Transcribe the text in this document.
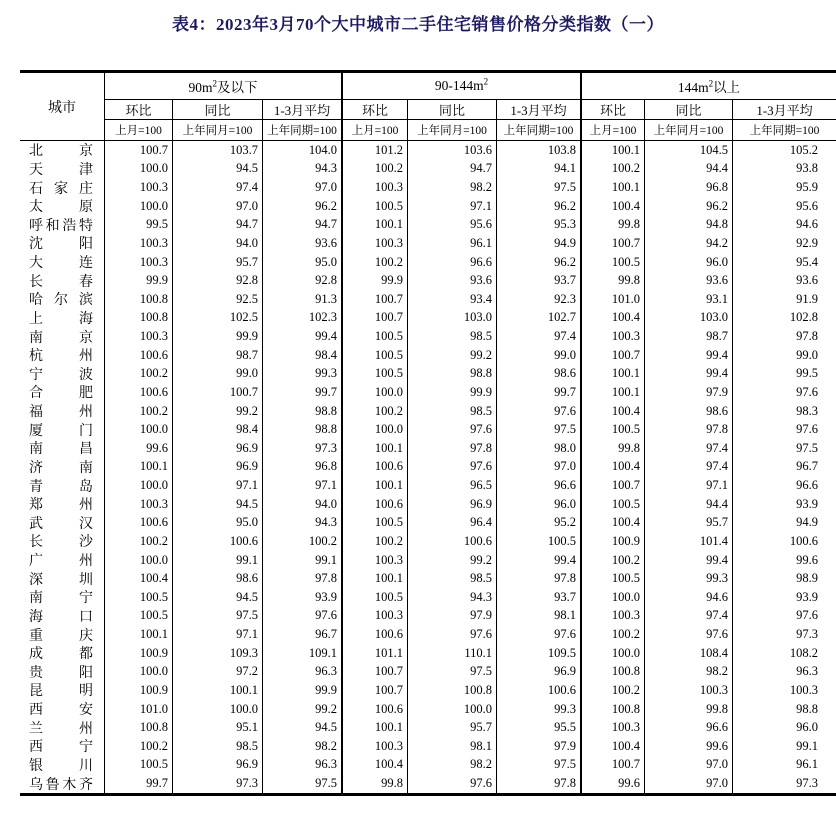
表4：2023年3月70个大中城市二手住宅销售价格分类指数（一）
城市
$90m^2$及以下	$90-144m^2$	$144m^2$以上
环比	同比	1-3月平均	环比	同比	1-3月平均	环比	同比	1-3月平均
上月=100	上年同月=100	上年同期=100	上月=100	上年同月=100	上年同期=100	上月=100	上年同月=100	上年同期=100
北	京	100.7	103.7	104.0	101.2	103.6	103.8	100.1	104.5	105.2
天	津	100.0	94.5	94.3	100.2	94.7	94.1	100.2	94.4	93.8
石 家 庄	100.3	97.4	97.0	100.3	98.2	97.5	100.1	96.8	95.9
太	原	100.0	97.0	96.2	100.5	97.1	96.2	100.4	96.2	95.6
呼 和 浩 特	99.5	94.7	94.7	100.1	95.6	95.3	99.8	94.8	94.6
沈	阳	100.3	94.0	93.6	100.3	96.1	94.9	100.7	94.2	92.9
大	连	100.3	95.7	95.0	100.2	96.6	96.2	100.5	96.0	95.4
长	春	99.9	92.8	92.8	99.9	93.6	93.7	99.8	93.6	93.6
哈 尔 滨	100.8	92.5	91.3	100.7	93.4	92.3	101.0	93.1	91.9
上	海	100.8	102.5	102.3	100.7	103.0	102.7	100.4	103.0	102.8
南	京	100.3	99.9	99.4	100.5	98.5	97.4	100.3	98.7	97.8
杭	州	100.6	98.7	98.4	100.5	99.2	99.0	100.7	99.4	99.0
宁	波	100.2	99.0	99.3	100.5	98.8	98.6	100.1	99.4	99.5
合	肥	100.6	100.7	99.7	100.0	99.9	99.7	100.1	97.9	97.6
福	州	100.2	99.2	98.8	100.2	98.5	97.6	100.4	98.6	98.3
厦	门	100.0	98.4	98.8	100.0	97.6	97.5	100.5	97.8	97.6
南	昌	99.6	96.9	97.3	100.1	97.8	98.0	99.8	97.4	97.5
济	南	100.1	96.9	96.8	100.6	97.6	97.0	100.4	97.4	96.7
青	岛	100.0	97.1	97.1	100.1	96.5	96.6	100.7	97.1	96.6
郑	州	100.3	94.5	94.0	100.6	96.9	96.0	100.5	94.4	93.9
武	汉	100.6	95.0	94.3	100.5	96.4	95.2	100.4	95.7	94.9
长	沙	100.2	100.6	100.2	100.2	100.6	100.5	100.9	101.4	100.6
广	州	100.0	99.1	99.1	100.3	99.2	99.4	100.2	99.4	99.6
深	圳	100.4	98.6	97.8	100.1	98.5	97.8	100.5	99.3	98.9
南	宁	100.5	94.5	93.9	100.5	94.3	93.7	100.0	94.6	93.9
海	口	100.5	97.5	97.6	100.3	97.9	98.1	100.3	97.4	97.6
重	庆	100.1	97.1	96.7	100.6	97.6	97.6	100.2	97.6	97.3
成	都	100.9	109.3	109.1	101.1	110.1	109.5	100.0	108.4	108.2
贵	阳	100.0	97.2	96.3	100.7	97.5	96.9	100.8	98.2	96.3
昆	明	100.9	100.1	99.9	100.7	100.8	100.6	100.2	100.3	100.3
西	安	101.0	100.0	99.2	100.6	100.0	99.3	100.8	99.8	98.8
兰	州	100.8	95.1	94.5	100.1	95.7	95.5	100.3	96.6	96.0
西	宁	100.2	98.5	98.2	100.3	98.1	97.9	100.4	99.6	99.1
银	川	100.5	96.9	96.3	100.4	98.2	97.5	100.7	97.0	96.1
乌 鲁 木 齐	99.7	97.3	97.5	99.8	97.6	97.8	99.6	97.0	97.3
